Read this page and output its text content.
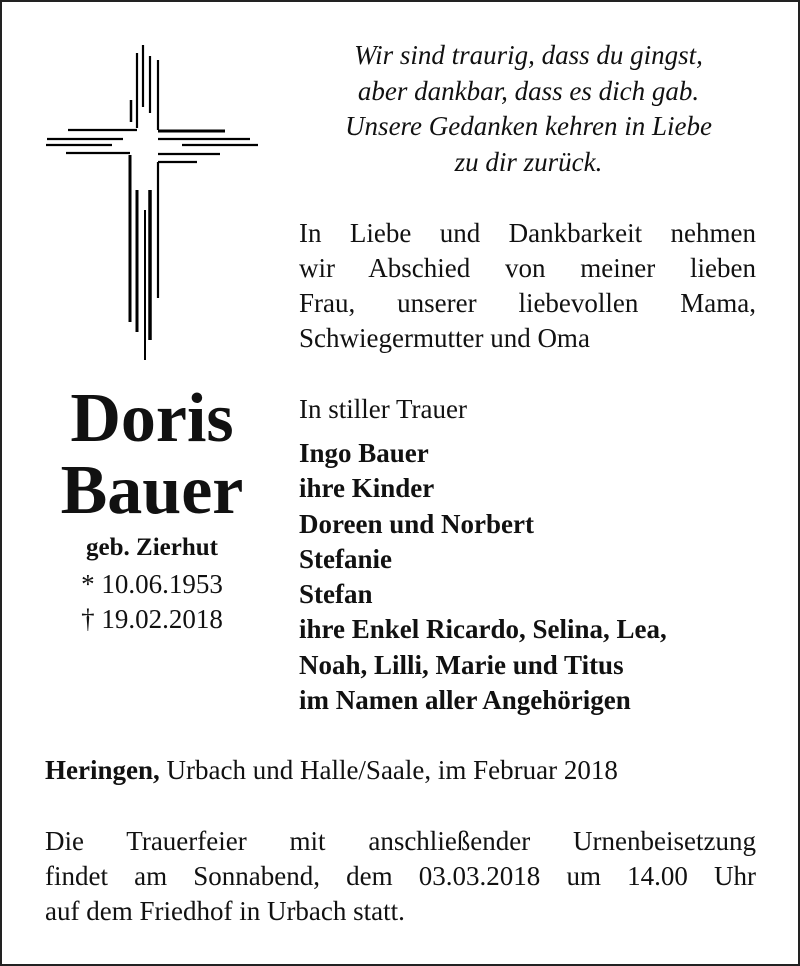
Wir sind traurig, dass du gingst,
aber dankbar, dass es dich gab.
Unsere Gedanken kehren in Liebe
zu dir zurück.
In Liebe und Dankbarkeit nehmen
wir Abschied von meiner lieben
Frau, unserer liebevollen Mama,
Schwiegermutter und Oma
Doris
Bauer
geb. Zierhut
* 10.06.1953
† 19.02.2018
In stiller Trauer
Ingo Bauer
ihre Kinder
Doreen und Norbert
Stefanie
Stefan
ihre Enkel Ricardo, Selina, Lea,
Noah, Lilli, Marie und Titus
im Namen aller Angehörigen
Heringen, Urbach und Halle/Saale, im Februar 2018
Die Trauerfeier mit anschließender Urnenbeisetzung
findet am Sonnabend, dem 03.03.2018 um 14.00 Uhr
auf dem Friedhof in Urbach statt.
